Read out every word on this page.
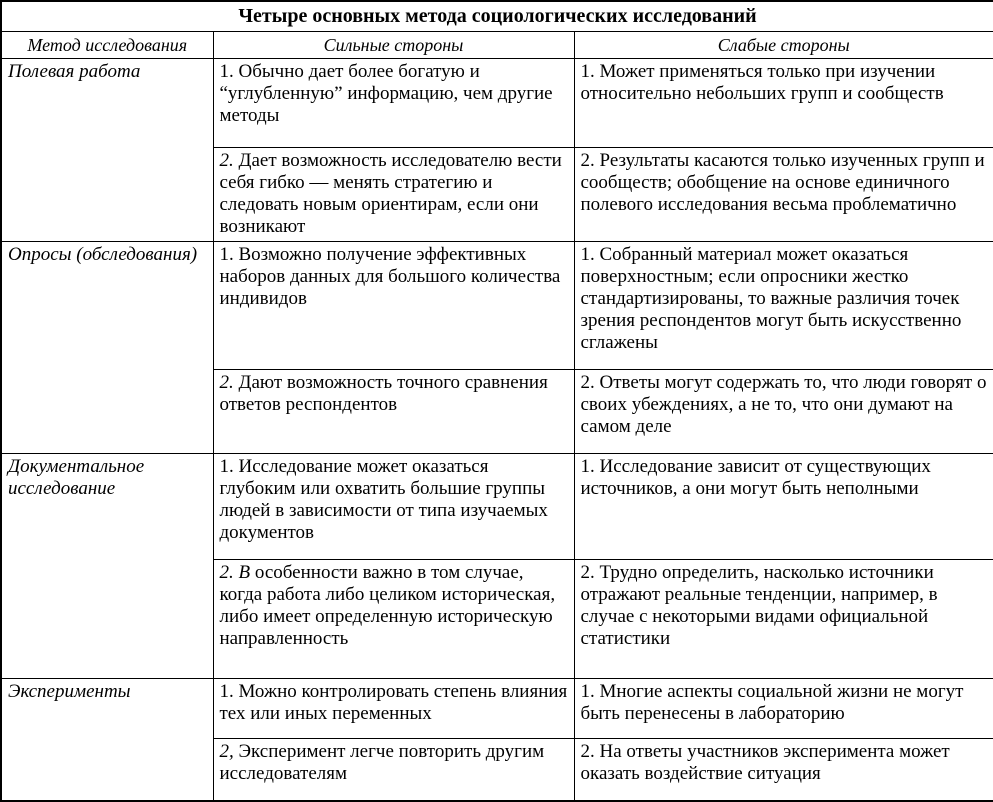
Четыре основных метода социологических исследований		
Метод исследования	Сильные стороны	Слабые стороны
Полевая работа	1. Обычно дает более богатую и “углубленную” информацию, чем другие методы	1. Может применяться только при изучении относительно небольших групп и сообществ
	2. Дает возможность исследователю вести себя гибко — менять стратегию и следовать новым ориентирам, если они возникают	2. Результаты касаются только изученных групп и сообществ; обобщение на основе единичного полевого исследования весьма проблематично
Опросы (обследования)	1. Возможно получение эффективных наборов данных для большого количества индивидов	1. Собранный материал может оказаться поверхностным; если опросники жестко стандартизированы, то важные различия точек зрения респондентов могут быть искусственно сглажены
	2. Дают возможность точного сравнения ответов респондентов	2. Ответы могут содержать то, что люди говорят о своих убеждениях, а не то, что они думают на самом деле
Документальное исследование	1. Исследование может оказаться глубоким или охватить большие группы людей в зависимости от типа изучаемых документов	1. Исследование зависит от существующих источников, а они могут быть неполными
	2. В особенности важно в том случае, когда работа либо целиком историческая, либо имеет определенную историческую направленность	2. Трудно определить, насколько источники отражают реальные тенденции, например, в случае с некоторыми видами официальной статистики
Эксперименты	1. Можно контролировать степень влияния тех или иных переменных	1. Многие аспекты социальной жизни не могут быть перенесены в лабораторию
	2, Эксперимент легче повторить другим исследователям	2. На ответы участников эксперимента может оказать воздействие ситуация
